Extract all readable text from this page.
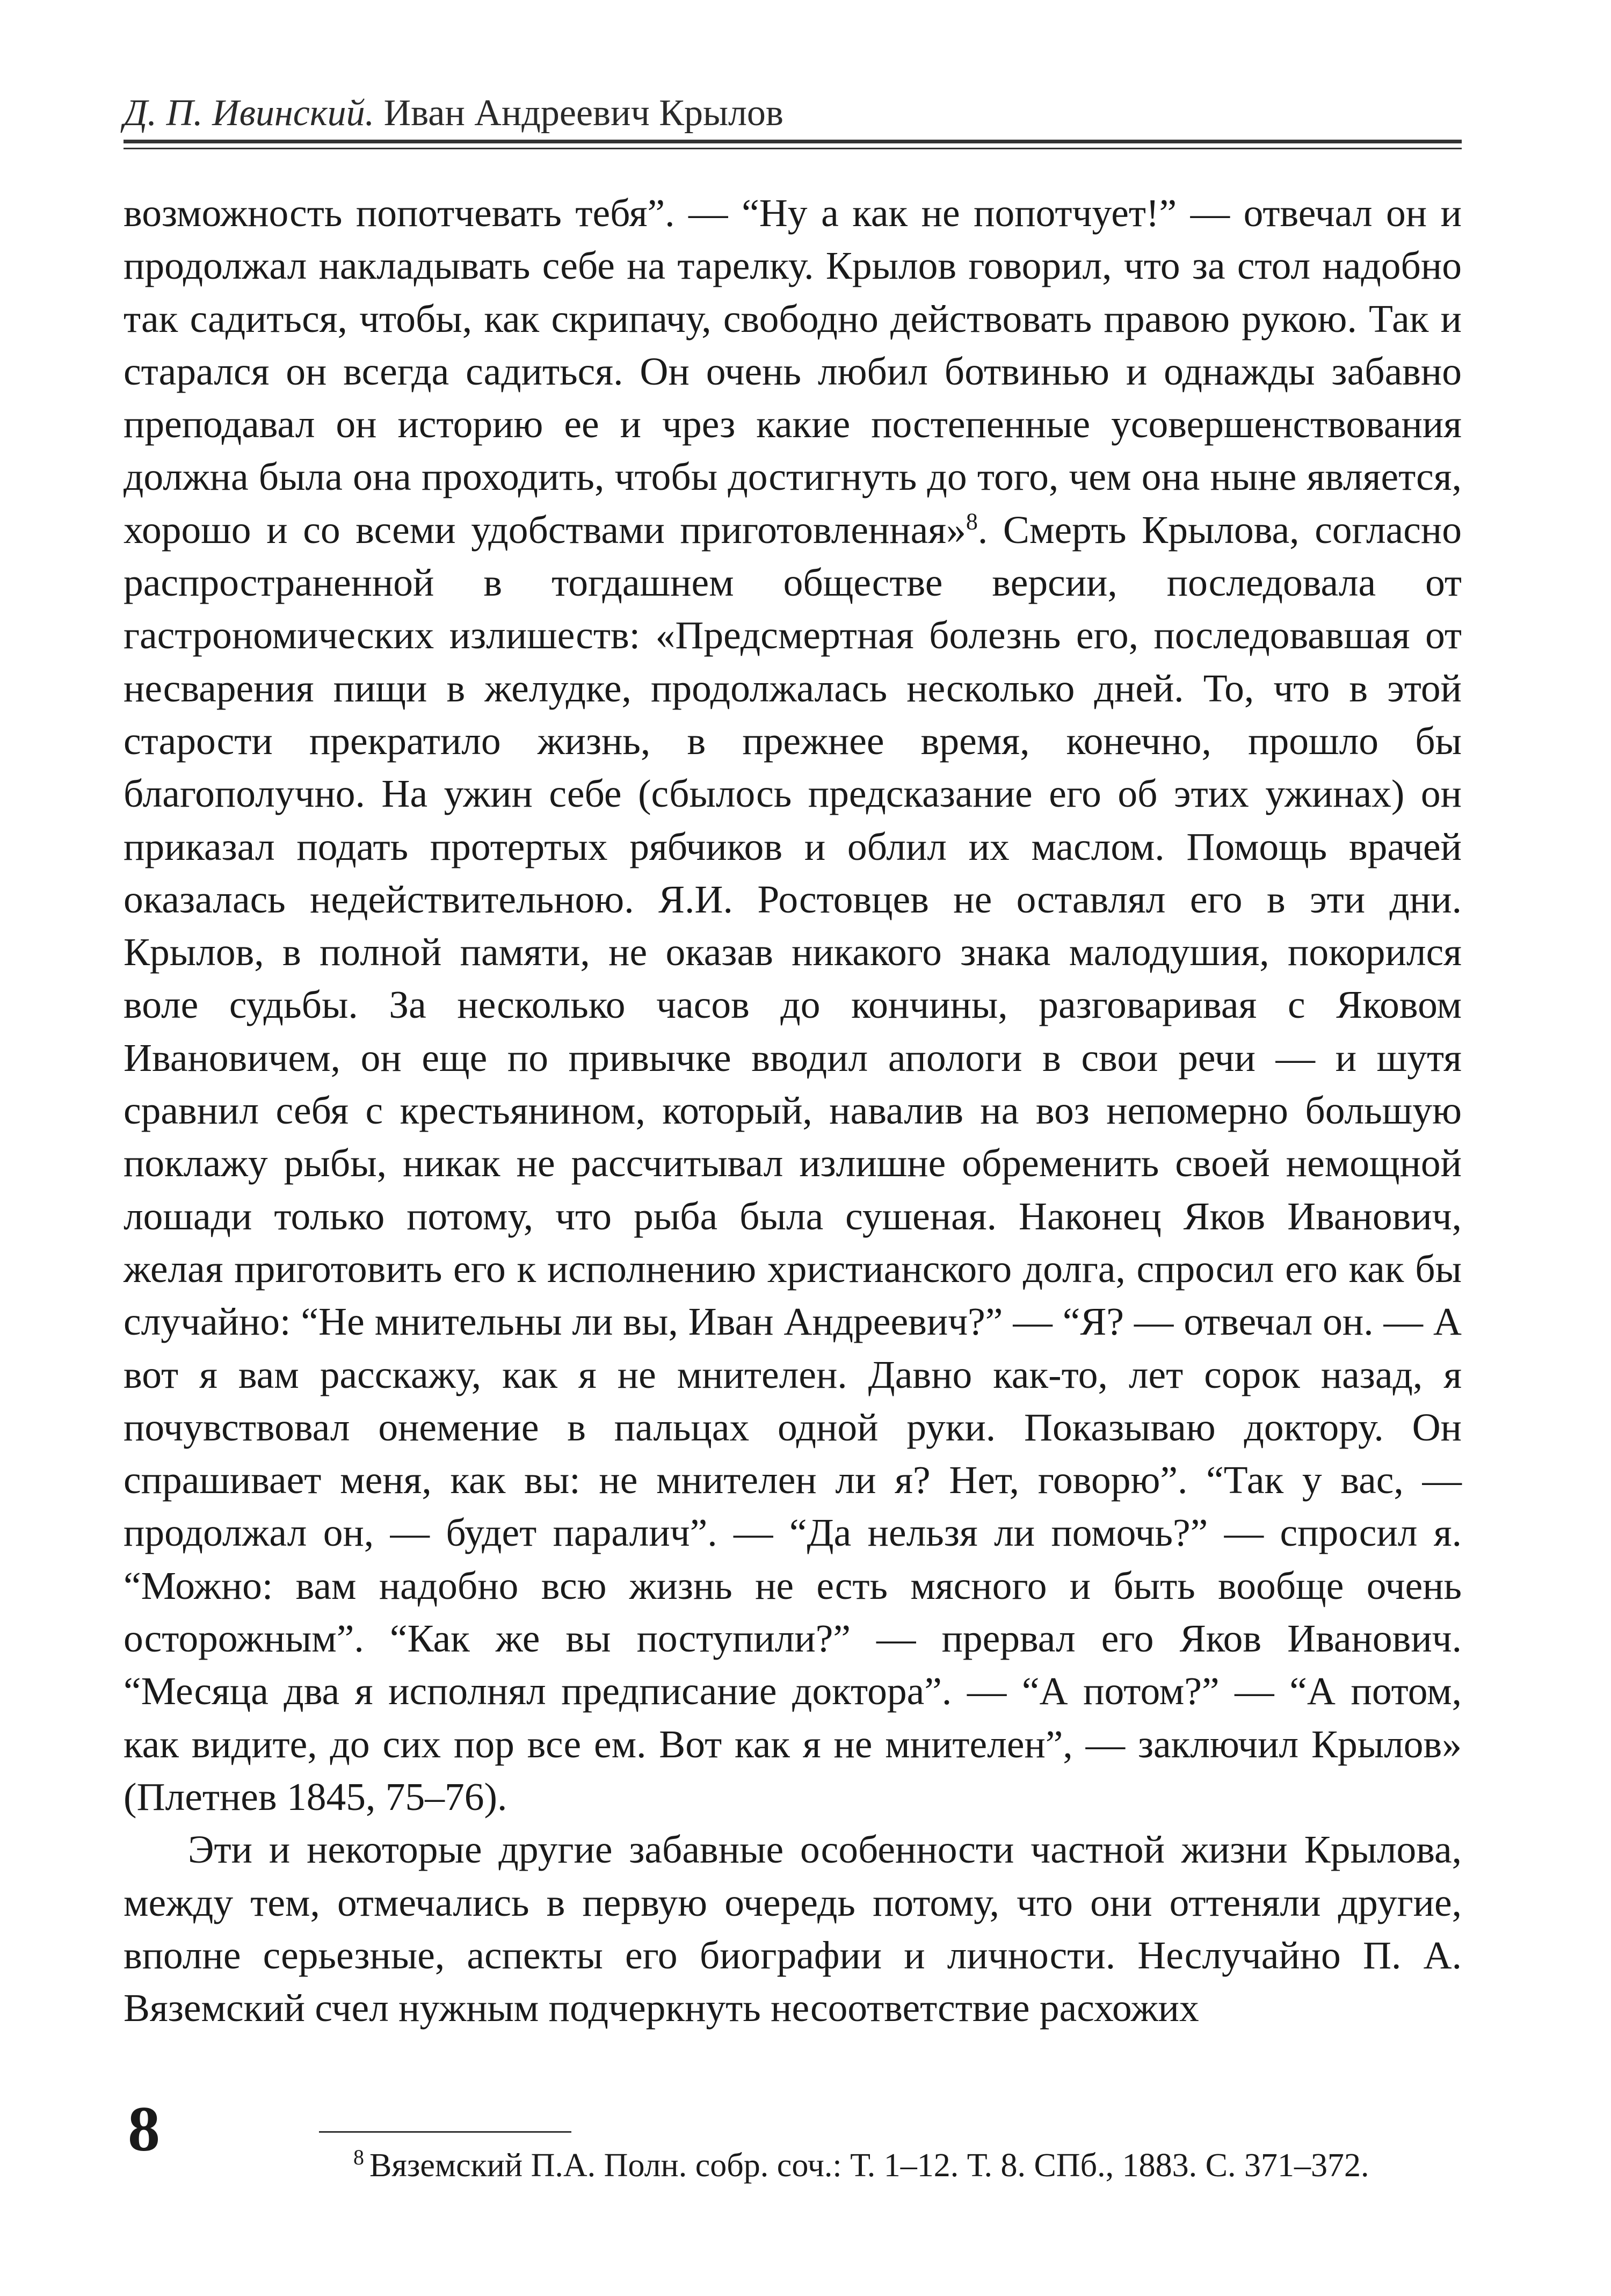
Д. П. Ивинский. Иван Андреевич Крылов

возможность попотчевать тебя”. — “Ну а как не попотчует!” — отвечал он и продолжал накладывать себе на тарелку. Крылов говорил, что за стол надобно так садиться, чтобы, как скрипачу, свободно действовать правою рукою. Так и старался он всегда садиться. Он очень любил ботвинью и однажды забавно преподавал он историю ее и чрез какие постепенные усовершенствования должна была она проходить, чтобы достигнуть до того, чем она ныне является, хорошо и со всеми удобствами приготовленная»$^8$. Смерть Крылова, согласно распространенной в тогдашнем обществе версии, последовала от гастрономических излишеств: «Предсмертная болезнь его, последовавшая от несварения пищи в желудке, продолжалась несколько дней. То, что в этой старости прекратило жизнь, в прежнее время, конечно, прошло бы благополучно. На ужин себе (сбылось предсказание его об этих ужинах) он приказал подать протертых рябчиков и облил их маслом. Помощь врачей оказалась недействительною. Я.И. Ростовцев не оставлял его в эти дни. Крылов, в полной памяти, не оказав никакого знака малодушия, покорился воле судьбы. За несколько часов до кончины, разговаривая с Яковом Ивановичем, он еще по привычке вводил апологи в свои речи — и шутя сравнил себя с крестьянином, который, навалив на воз непомерно большую поклажу рыбы, никак не рассчитывал излишне обременить своей немощной лошади только потому, что рыба была сушеная. Наконец Яков Иванович, желая приготовить его к исполнению христианского долга, спросил его как бы случайно: “Не мнительны ли вы, Иван Андреевич?” — “Я? — отвечал он. — А вот я вам расскажу, как я не мнителен. Давно как-то, лет сорок назад, я почувствовал онемение в пальцах одной руки. Показываю доктору. Он спрашивает меня, как вы: не мнителен ли я? Нет, говорю”. “Так у вас, — продолжал он, — будет паралич”. — “Да нельзя ли помочь?” — спросил я. “Можно: вам надобно всю жизнь не есть мясного и быть вообще очень осторожным”. “Как же вы поступили?” — прервал его Яков Иванович. “Месяца два я исполнял предписание доктора”. — “А потом?” — “А потом, как видите, до сих пор все ем. Вот как я не мнителен”, — заключил Крылов» (Плетнев 1845, 75–76).

Эти и некоторые другие забавные особенности частной жизни Крылова, между тем, отмечались в первую очередь потому, что они оттеняли другие, вполне серьезные, аспекты его биографии и личности. Неслучайно П. А. Вяземский счел нужным подчеркнуть несоответствие расхожих

8	$^8$ Вяземский П.А. Полн. собр. соч.: Т. 1–12. Т. 8. СПб., 1883. С. 371–372.
